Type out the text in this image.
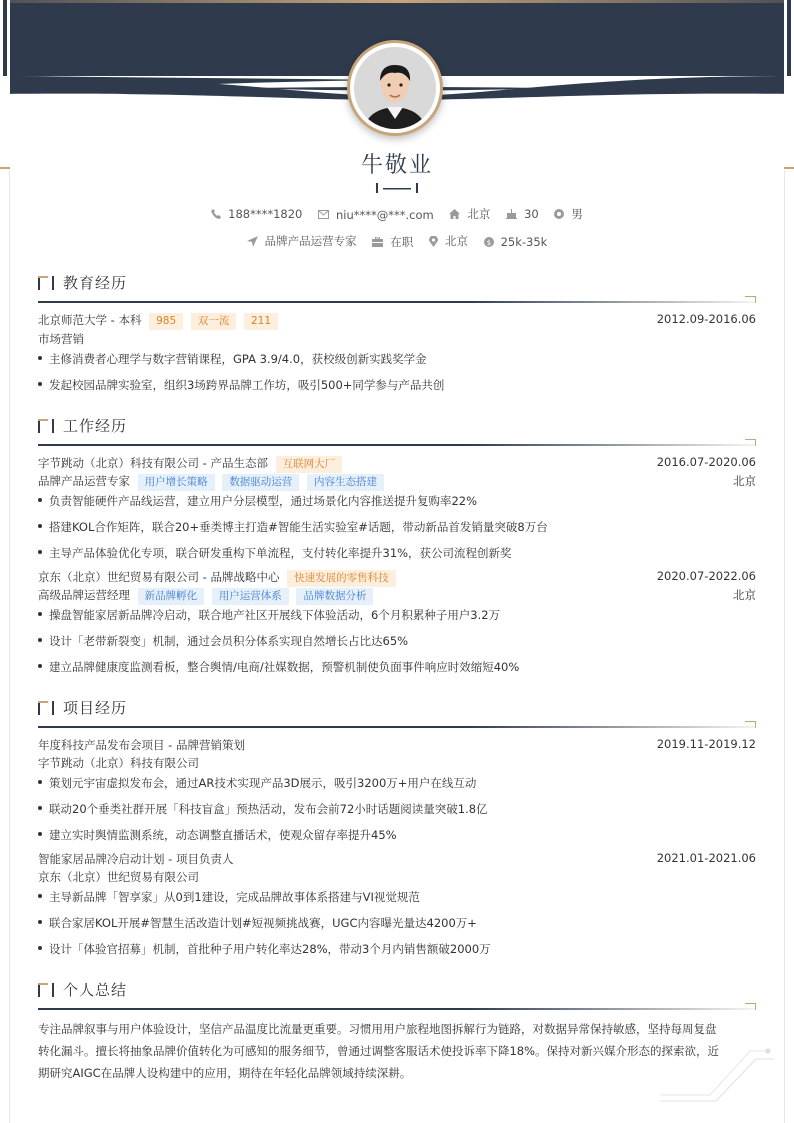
牛敬业
188****1820
	niu****@***.com
	北京
	30
	男
品牌产品运营专家
	在职
	北京
	$ 25k-35k
教育经历
北京师范大学 - 本科 985 双一流 211	2012.09-2016.06
市场营销
主修消费者心理学与数字营销课程，GPA 3.9/4.0，获校级创新实践奖学金
发起校园品牌实验室，组织3场跨界品牌工作坊，吸引500+同学参与产品共创
工作经历
字节跳动（北京）科技有限公司 - 产品生态部 互联网大厂	2016.07-2020.06
品牌产品运营专家 用户增长策略 数据驱动运营 内容生态搭建	北京
负责智能硬件产品线运营，建立用户分层模型，通过场景化内容推送提升复购率22%
搭建KOL合作矩阵，联合20+垂类博主打造#智能生活实验室#话题，带动新品首发销量突破8万台
主导产品体验优化专项，联合研发重构下单流程，支付转化率提升31%，获公司流程创新奖
京东（北京）世纪贸易有限公司 - 品牌战略中心 快速发展的零售科技	2020.07-2022.06
高级品牌运营经理 新品牌孵化 用户运营体系 品牌数据分析	北京
操盘智能家居新品牌冷启动，联合地产社区开展线下体验活动，6个月积累种子用户3.2万
设计「老带新裂变」机制，通过会员积分体系实现自然增长占比达65%
建立品牌健康度监测看板，整合舆情/电商/社媒数据，预警机制使负面事件响应时效缩短40%
项目经历
年度科技产品发布会项目 - 品牌营销策划	2019.11-2019.12
字节跳动（北京）科技有限公司
策划元宇宙虚拟发布会，通过AR技术实现产品3D展示，吸引3200万+用户在线互动
联动20个垂类社群开展「科技盲盒」预热活动，发布会前72小时话题阅读量突破1.8亿
建立实时舆情监测系统，动态调整直播话术，使观众留存率提升45%
智能家居品牌冷启动计划 - 项目负责人	2021.01-2021.06
京东（北京）世纪贸易有限公司
主导新品牌「智享家」从0到1建设，完成品牌故事体系搭建与VI视觉规范
联合家居KOL开展#智慧生活改造计划#短视频挑战赛，UGC内容曝光量达4200万+
设计「体验官招募」机制，首批种子用户转化率达28%，带动3个月内销售额破2000万
个人总结
专注品牌叙事与用户体验设计，坚信产品温度比流量更重要。习惯用用户旅程地图拆解行为链路，对数据异常保持敏感，坚持每周复盘
转化漏斗。擅长将抽象品牌价值转化为可感知的服务细节，曾通过调整客服话术使投诉率下降18%。保持对新兴媒介形态的探索欲，近
期研究AIGC在品牌人设构建中的应用，期待在年轻化品牌领域持续深耕。
